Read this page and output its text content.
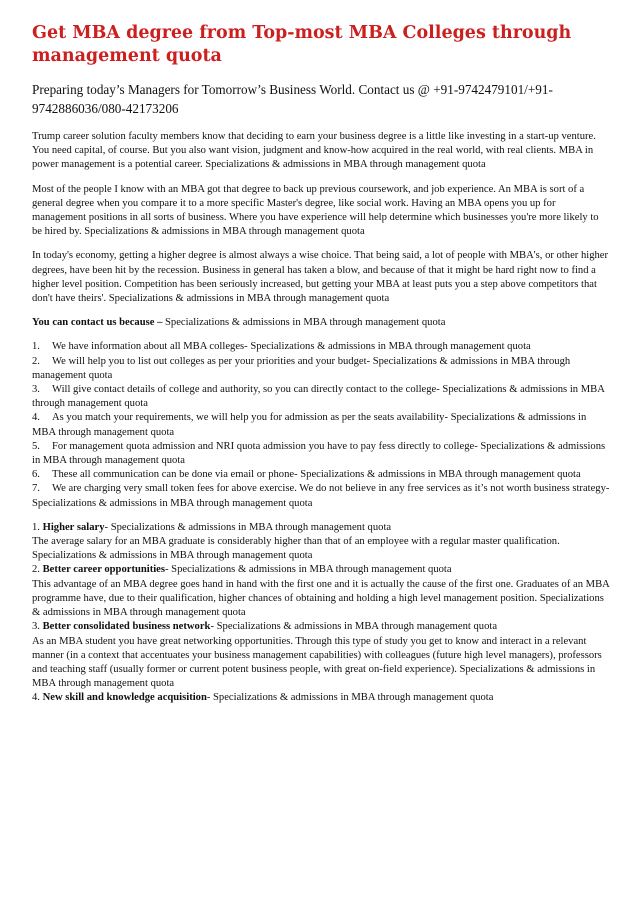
Get MBA degree from Top-most MBA Colleges through management quota

Preparing today’s Managers for Tomorrow’s Business World. Contact us @ +91-9742479101/+91-9742886036/080-42173206

Trump career solution faculty members know that deciding to earn your business degree is a little like investing in a start-up venture. You need capital, of course. But you also want vision, judgment and know-how acquired in the real world, with real clients. MBA in power management is a potential career. Specializations & admissions in MBA through management quota

Most of the people I know with an MBA got that degree to back up previous coursework, and job experience. An MBA is sort of a general degree when you compare it to a more specific Master's degree, like social work. Having an MBA opens you up for management positions in all sorts of business. Where you have experience will help determine which businesses you're more likely to be hired by. Specializations & admissions in MBA through management quota

In today's economy, getting a higher degree is almost always a wise choice. That being said, a lot of people with MBA's, or other higher degrees, have been hit by the recession. Business in general has taken a blow, and because of that it might be hard right now to find a higher level position. Competition has been seriously increased, but getting your MBA at least puts you a step above competitors that don't have theirs'. Specializations & admissions in MBA through management quota

You can contact us because – Specializations & admissions in MBA through management quota

1. We have information about all MBA colleges- Specializations & admissions in MBA through management quota
2. We will help you to list out colleges as per your priorities and your budget- Specializations & admissions in MBA through management quota
3. Will give contact details of college and authority, so you can directly contact to the college- Specializations & admissions in MBA through management quota
4. As you match your requirements, we will help you for admission as per the seats availability- Specializations & admissions in MBA through management quota
5. For management quota admission and NRI quota admission you have to pay fess directly to college- Specializations & admissions in MBA through management quota
6. These all communication can be done via email or phone- Specializations & admissions in MBA through management quota
7. We are charging very small token fees for above exercise. We do not believe in any free services as it’s not worth business strategy- Specializations & admissions in MBA through management quota
1. Higher salary- Specializations & admissions in MBA through management quota
The average salary for an MBA graduate is considerably higher than that of an employee with a regular master qualification. Specializations & admissions in MBA through management quota
2. Better career opportunities- Specializations & admissions in MBA through management quota
This advantage of an MBA degree goes hand in hand with the first one and it is actually the cause of the first one. Graduates of an MBA programme have, due to their qualification, higher chances of obtaining and holding a high level management position. Specializations & admissions in MBA through management quota
3. Better consolidated business network- Specializations & admissions in MBA through management quota
As an MBA student you have great networking opportunities. Through this type of study you get to know and interact in a relevant manner (in a context that accentuates your business management capabilities) with colleagues (future high level managers), professors and teaching staff (usually former or current potent business people, with great on-field experience). Specializations & admissions in MBA through management quota
4. New skill and knowledge acquisition- Specializations & admissions in MBA through management quota
